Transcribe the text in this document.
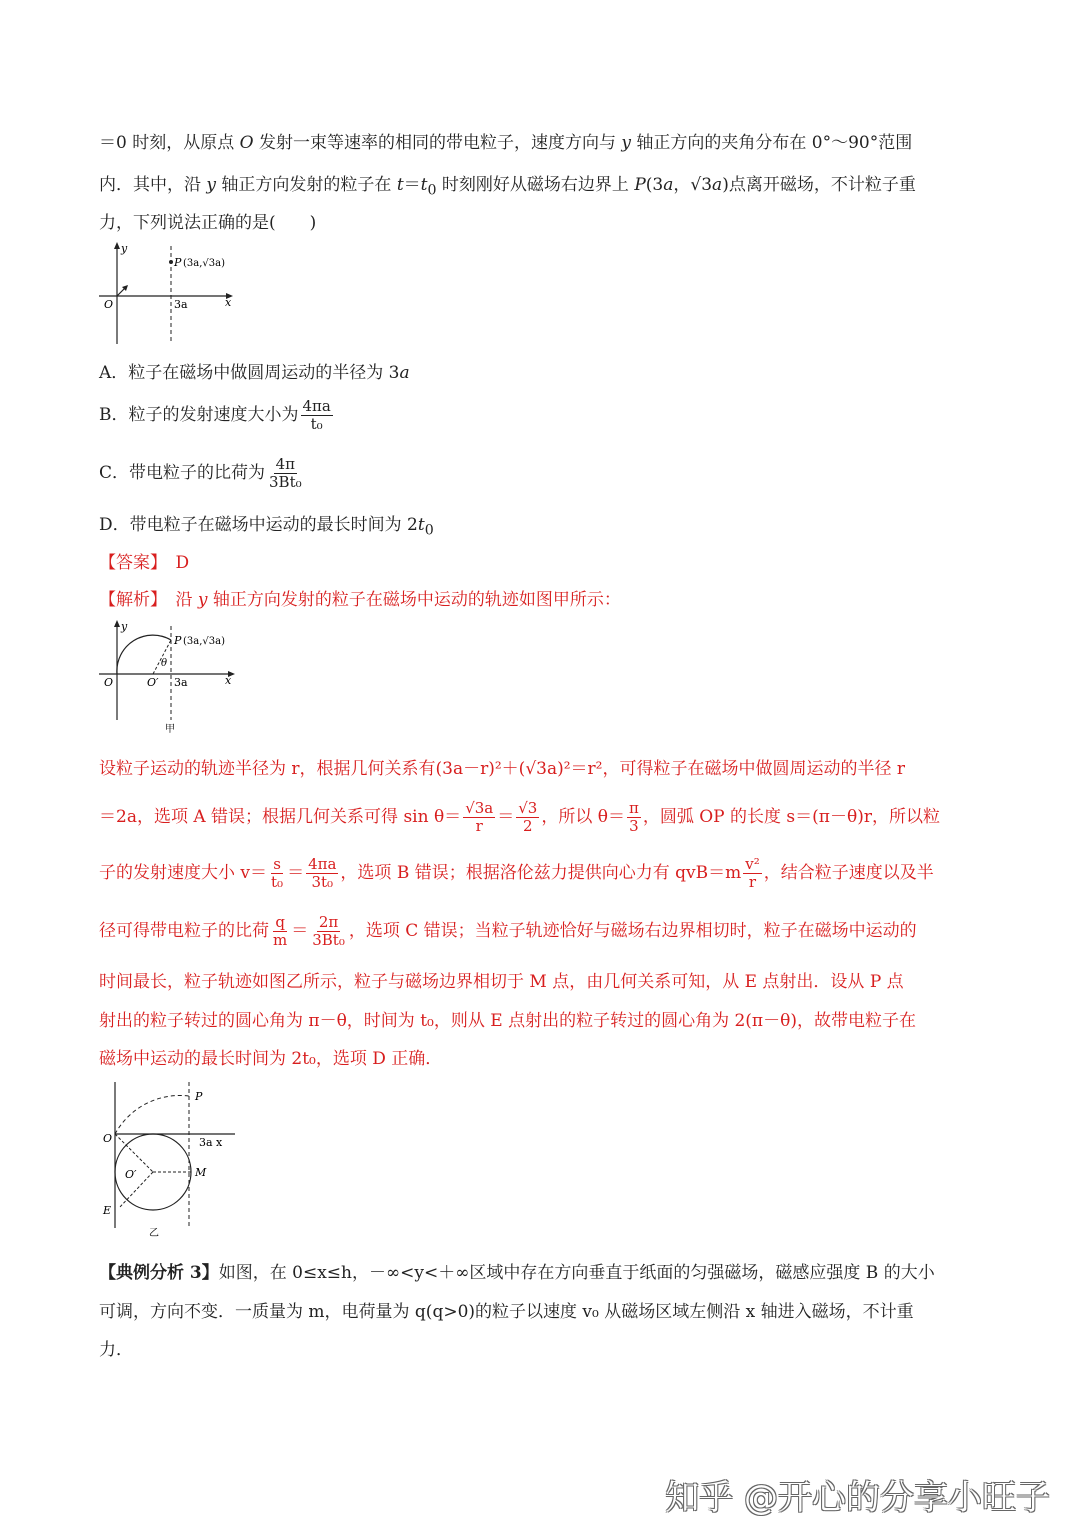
＝0 时刻，从原点 O 发射一束等速率的相同的带电粒子，速度方向与 y 轴正方向的夹角分布在 0°～90°范围
内．其中，沿 y 轴正方向发射的粒子在 $t=t_0$ 时刻刚好从磁场右边界上 P(3a，√3a)点离开磁场，不计粒子重
力，下列说法正确的是(　　)
y
P (3a,√3a)
O	3a	x
A．粒子在磁场中做圆周运动的半径为 3a
B．粒子的发射速度大小为 $\frac{4\pi a}{\text{t₀}}$
C．带电粒子的比荷为 $\frac{4\pi}{\text{3Bt₀}}$
D．带电粒子在磁场中运动的最长时间为 $2t_0$
【答案】　 D
【解析】　 沿 y 轴正方向发射的粒子在磁场中运动的轨迹如图甲所示：
y
P (3a,√3a)
θ
O	O′ 3a	x
甲
设粒子运动的轨迹半径为 r，根据几何关系有(3a－r)²＋(√3a)²＝r²，可得粒子在磁场中做圆周运动的半径 r
＝2a，选项 A 错误；根据几何关系可得 $\sin \theta= \frac{√3a}{r} = \frac{√3}{2}$ ，所以 $\theta= \frac{\pi}{3}$ ，圆弧 OP 的长度 s＝(π－θ)r，所以粒
子的发射速度大小 $v= \frac{s}{\text{t₀}} = \frac{4\pi a}{\text{3t₀}}$ ，选项 B 错误；根据洛伦兹力提供向心力有 $qvB=m \frac{\text{v²}}{r}$ ，结合粒子速度以及半
径可得带电粒子的比荷 $\frac{q}{m} = \frac{2\pi}{\text{3Bt₀}}$ ，选项 C 错误；当粒子轨迹恰好与磁场右边界相切时，粒子在磁场中运动的
时间最长，粒子轨迹如图乙所示，粒子与磁场边界相切于 M 点，由几何关系可知，从 E 点射出．设从 P 点
射出的粒子转过的圆心角为 π－θ，时间为 t₀，则从 E 点射出的粒子转过的圆心角为 2(π－θ)，故带电粒子在
磁场中运动的最长时间为 2t₀，选项 D 正确．
P
O	3a x
O′	M
E
乙
【典例分析 3】如图，在 0≤x≤h，－∞<y<＋∞区域中存在方向垂直于纸面的匀强磁场，磁感应强度 B 的大小
可调，方向不变．一质量为 m，电荷量为 q(q>0)的粒子以速度 v₀ 从磁场区域左侧沿 x 轴进入磁场，不计重
力．
知乎 @开心的分享小旺子
